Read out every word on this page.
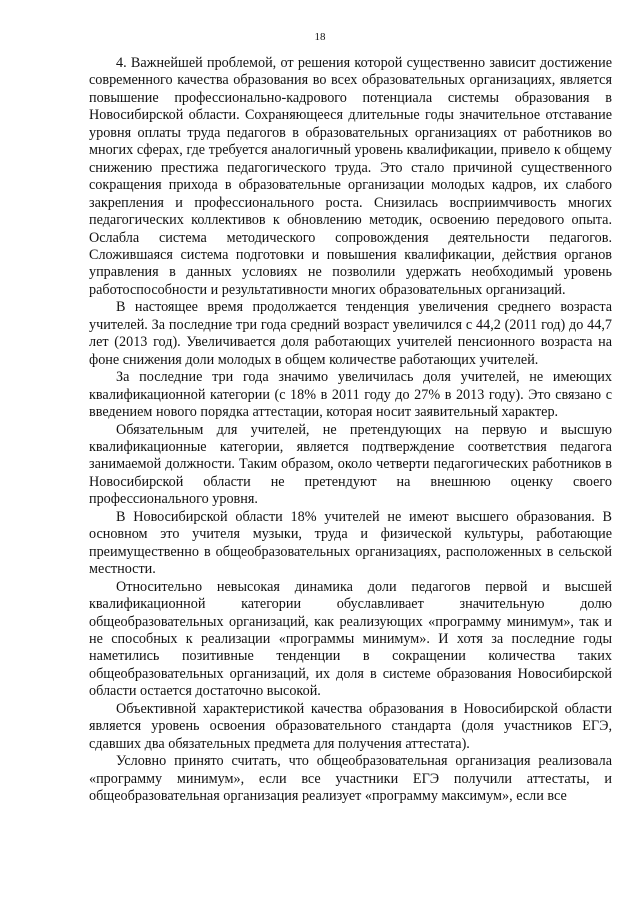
18

4. Важнейшей проблемой, от решения которой существенно зависит достижение современного качества образования во всех образовательных организациях, является повышение профессионально-кадрового потенциала системы образования в Новосибирской области. Сохраняющееся длительные годы значительное отставание уровня оплаты труда педагогов в образовательных организациях от работников во многих сферах, где требуется аналогичный уровень квалификации, привело к общему снижению престижа педагогического труда. Это стало причиной существенного сокращения прихода в образовательные организации молодых кадров, их слабого закрепления и профессионального роста. Снизилась восприимчивость многих педагогических коллективов к обновлению методик, освоению передового опыта. Ослабла система методического сопровождения деятельности педагогов. Сложившаяся система подготовки и повышения квалификации, действия органов управления в данных условиях не позволили удержать необходимый уровень работоспособности и результативности многих образовательных организаций.

В настоящее время продолжается тенденция увеличения среднего возраста учителей. За последние три года средний возраст увеличился с 44,2 (2011 год) до 44,7 лет (2013 год). Увеличивается доля работающих учителей пенсионного возраста на фоне снижения доли молодых в общем количестве работающих учителей.

За последние три года значимо увеличилась доля учителей, не имеющих квалификационной категории (с 18% в 2011 году до 27% в 2013 году). Это связано с введением нового порядка аттестации, которая носит заявительный характер.

Обязательным для учителей, не претендующих на первую и высшую квалификационные категории, является подтверждение соответствия педагога занимаемой должности. Таким образом, около четверти педагогических работников в Новосибирской области не претендуют на внешнюю оценку своего профессионального уровня.

В Новосибирской области 18% учителей не имеют высшего образования. В основном это учителя музыки, труда и физической культуры, работающие преимущественно в общеобразовательных организациях, расположенных в сельской местности.

Относительно невысокая динамика доли педагогов первой и высшей квалификационной категории обуславливает значительную долю общеобразовательных организаций, как реализующих «программу минимум», так и не способных к реализации «программы минимум». И хотя за последние годы наметились позитивные тенденции в сокращении количества таких общеобразовательных организаций, их доля в системе образования Новосибирской области остается достаточно высокой.

Объективной характеристикой качества образования в Новосибирской области является уровень освоения образовательного стандарта (доля участников ЕГЭ, сдавших два обязательных предмета для получения аттестата).

Условно принято считать, что общеобразовательная организация реализовала «программу минимум», если все участники ЕГЭ получили аттестаты, и общеобразовательная организация реализует «программу максимум», если все
